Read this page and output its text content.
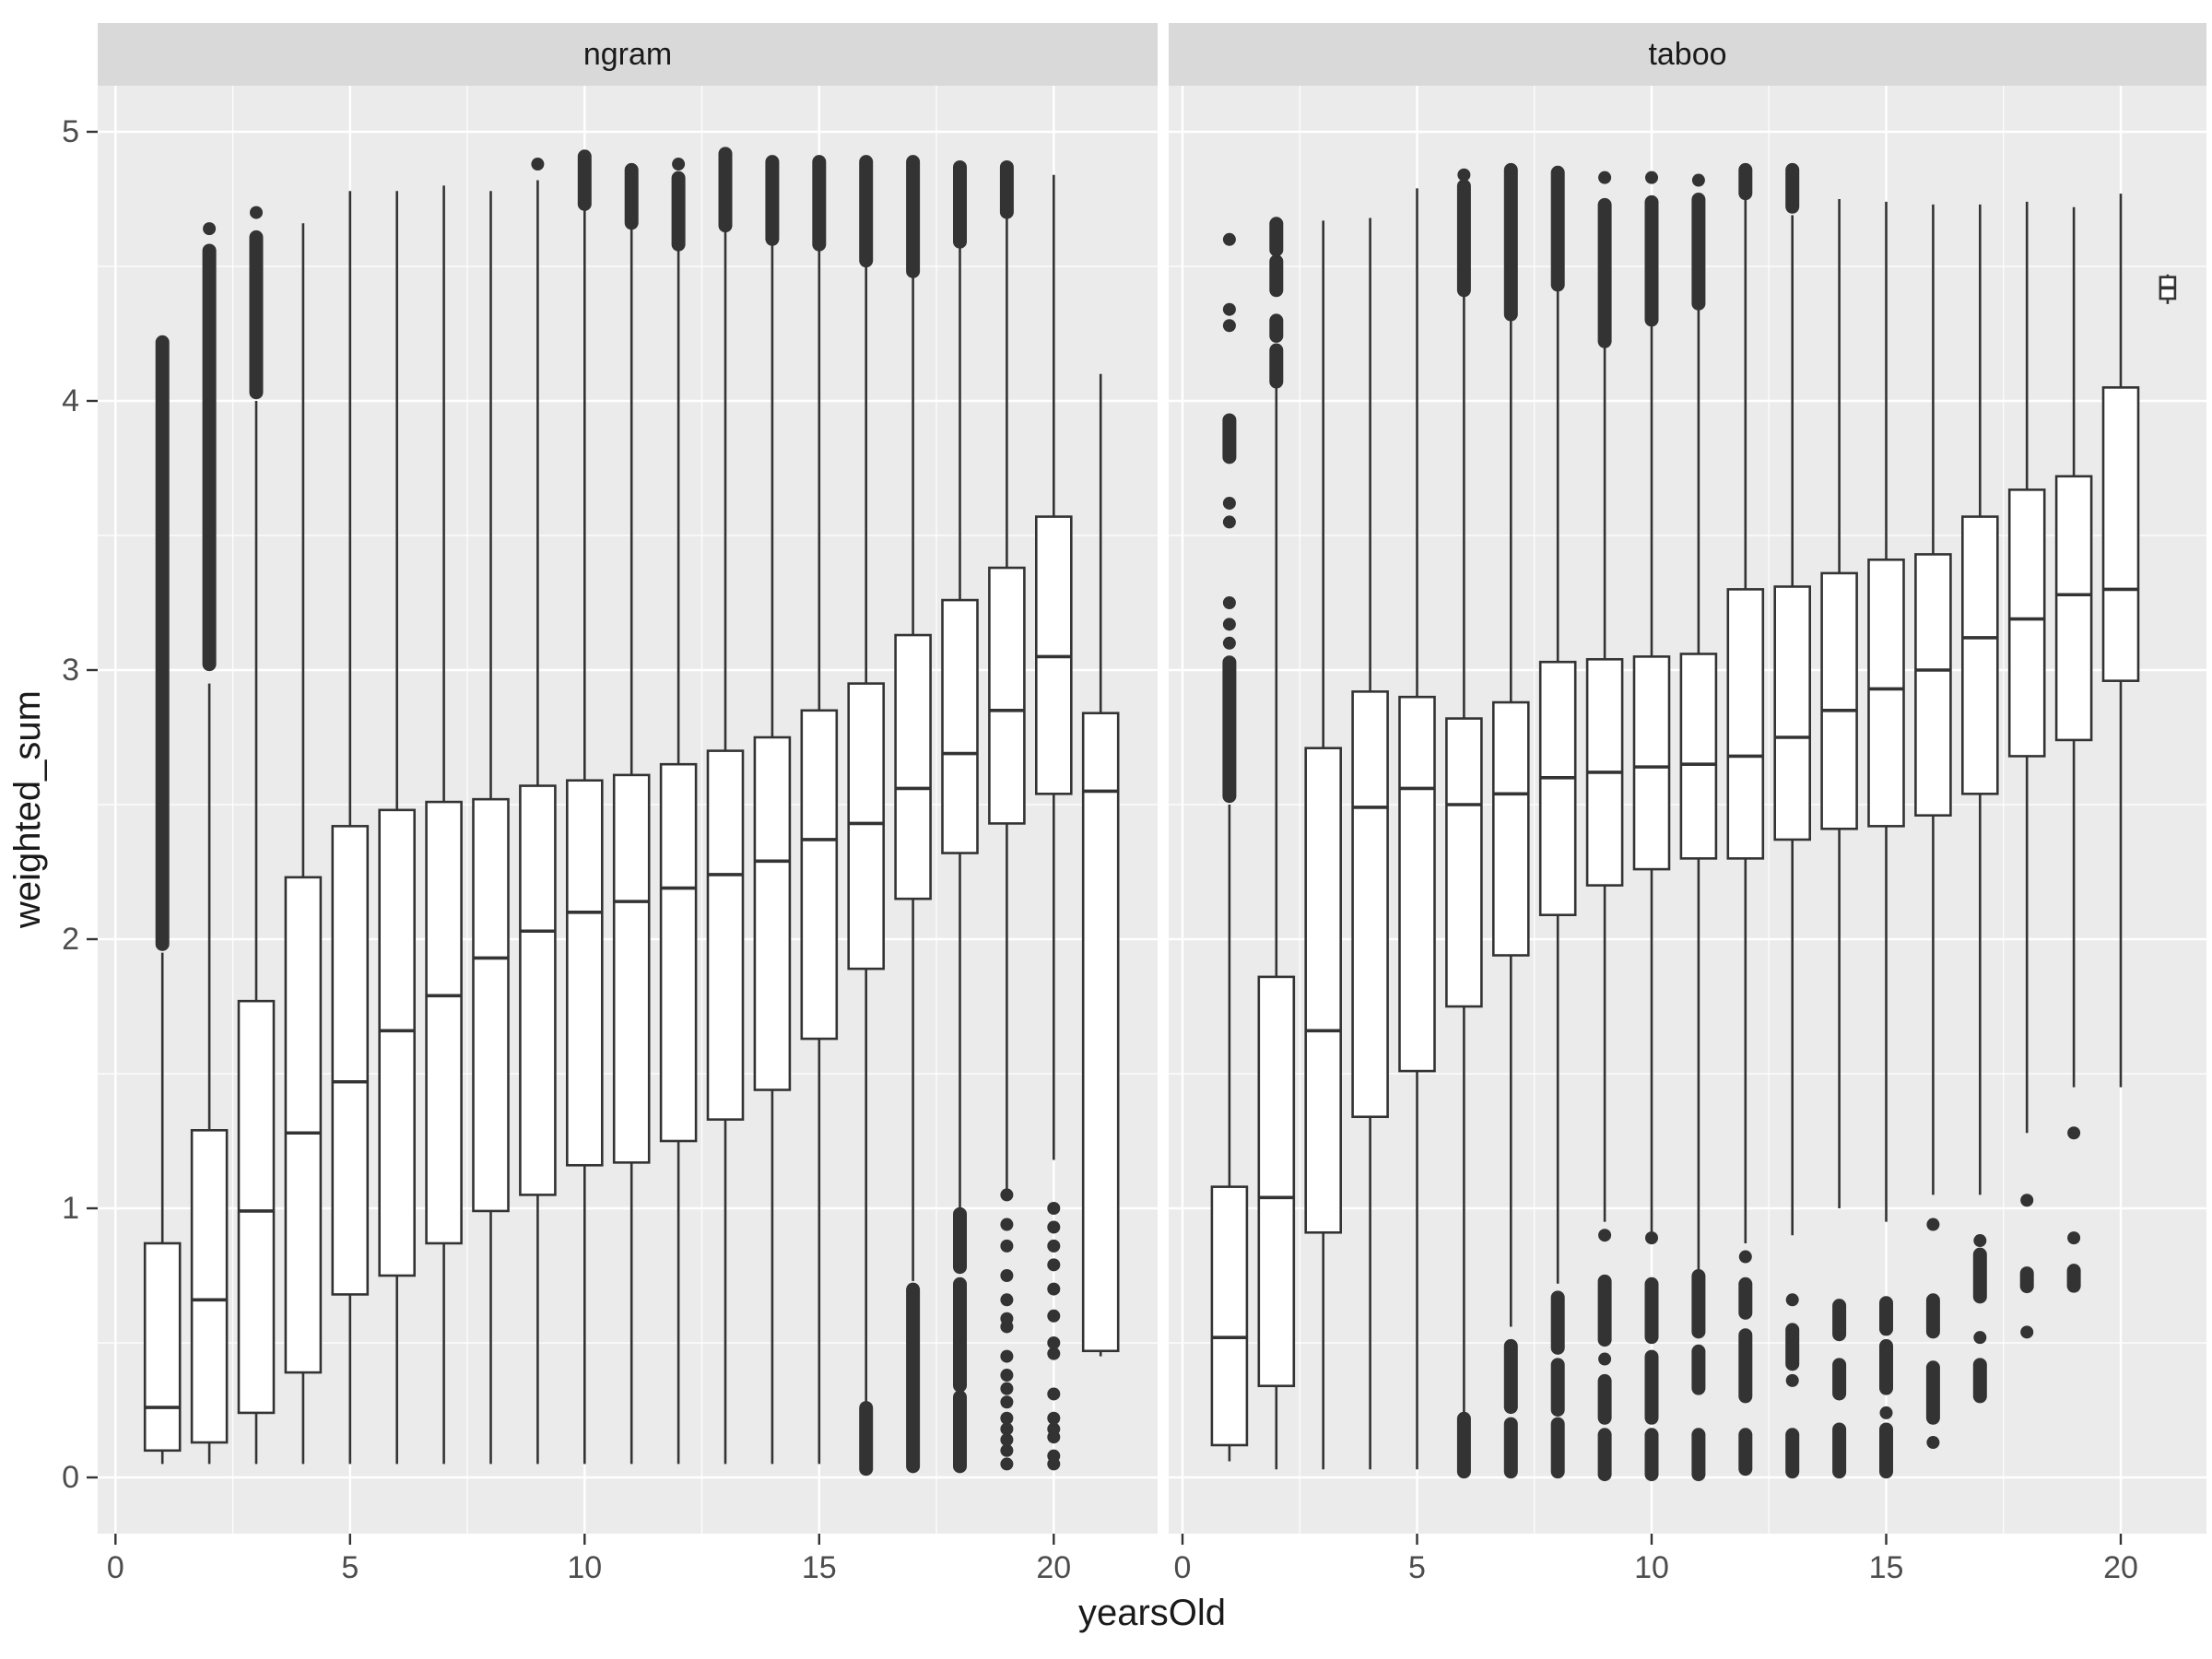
0	5	10	15	20	0	5	10	15	20
0
1
2
3
4
5
ngram	taboo
yearsOld
weighted_sum
